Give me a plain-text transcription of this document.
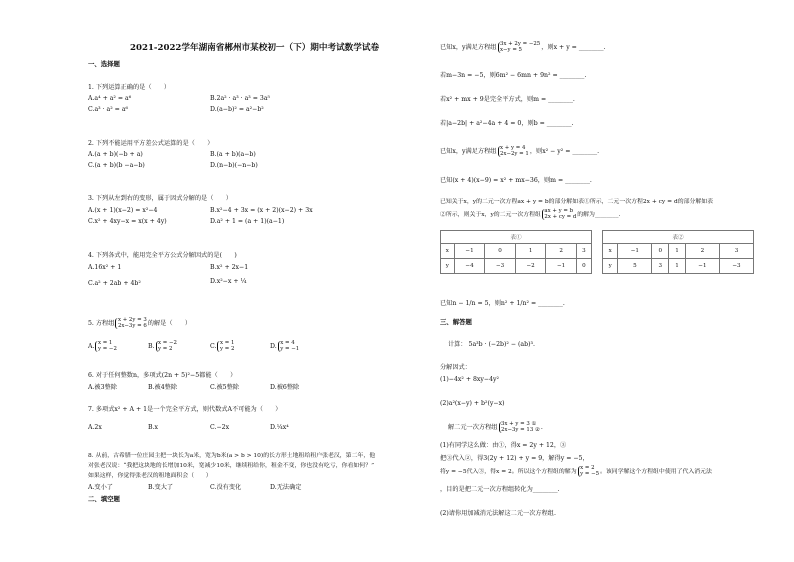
2021-2022学年湖南省郴州市某校初一（下）期中考试数学试卷
一、选择题
1. 下列运算正确的是（　　）
A.a⁴ + a² = a⁶	B.2a² · a³ · a³ = 3a⁵
C.a³ · a² = a⁶	D.(a−b)² = a²−b²
2. 下列不能运用平方差公式运算的是（　　）
A.(a + b)(−b + a)	B.(a + b)(a−b)
C.(a + b)(b −a−b)	D.(n−b)(−n−b)
3. 下列从左到右的变形，属于因式分解的是（　　）
A.(x + 1)(x−2) = x²−4	B.x²−4 + 3x = (x + 2)(x−2) + 3x
C.x² + 4xy−x = x(x + 4y)	D.a² + 1 = (a + 1)(a−1)
4. 下列各式中，能用完全平方公式分解因式的是(　　)
A.16x² + 1	B.x² + 2x−1
C.a² + 2ab + 4b²	D.x²−x + ¼
5. 方程组x + 2y = 3
2x−3y = 6的解是（　　）
A.x = 1
y = −2	B.x = −2
y = 2	C.x = 1
y = 2	D.x = 4
y = −1
6. 对于任何整数n，多项式(2n + 5)²−5都能（　　）
A.被3整除	B.被4整除	C.被5整除	D.被6整除
7. 多项式x² + A + 1是一个完全平方式，则代数式A不可能为（　　）
A.2x	B.x	C.−2x	D.¼x⁴
8. 从前，古希腊一位庄园主把一块长为a米，宽为b米(a > b > 10)的长方形土地租给租户张老汉，第二年，他
对张老汉说：“我把这块地的长增加10米，宽减少10米，继续租给你，租金不变，你也没有吃亏，你看如何？”
如果这样，你觉得张老汉的租地面积会（　　）
A.变小了	B.变大了	C.没有变化	D.无法确定
二、填空题
已知x，y满足方程组3x + 2y = −25
x−y = 5	，则x + y = ________.
若m−3n = −5，则6m² − 6mn + 9n² = ________.
若x² + mx + 9是完全平方式，则m = ________.
若|a−2b| + a²−4a + 4 = 0，则b = ________.
已知x，y满足方程组x + y = 4
2x−2y = 1，则x² − y² = ________.
已知(x + 4)(x−9) = x² + mx−36，则m = ________.
已知关于x，y的二元一次方程ax + y = b的部分解如表①所示，二元一次方程2x + cy = d的部分解如表
②所示，则关于x，y的二元一次方程组ax + y = b
2x + cy = d的解为________.
表①					
x	−1	0	1	2	3
y	−4	−3	−2	−1	0
表②					
x	−1	0	1	2	3
y	5	3	1	−1	−3
已知n − 1/n = 5，则n² + 1/n² = ________.
三、解答题
计算： 5a³b · (−2b)² − (ab)³.
分解因式：
(1)−4x² + 8xy−4y²
(2)a²(x−y) + b²(y−x)
解二元一次方程组3x + y = 3 ①
2x−3y = 13 ②.
(1)有同学这么做：由①，得x = 2y + 12，③
把③代入②，得3(2y + 12) + y = 9，解得y = −5，
将y = −5代入③，得x = 2。所以这个方程组的解为x = 2
y = −5。该同学解这个方程组中使用了代入消元法
，目的是把二元一次方程组转化为________.
(2)请你用加减消元法解这二元一次方程组.
